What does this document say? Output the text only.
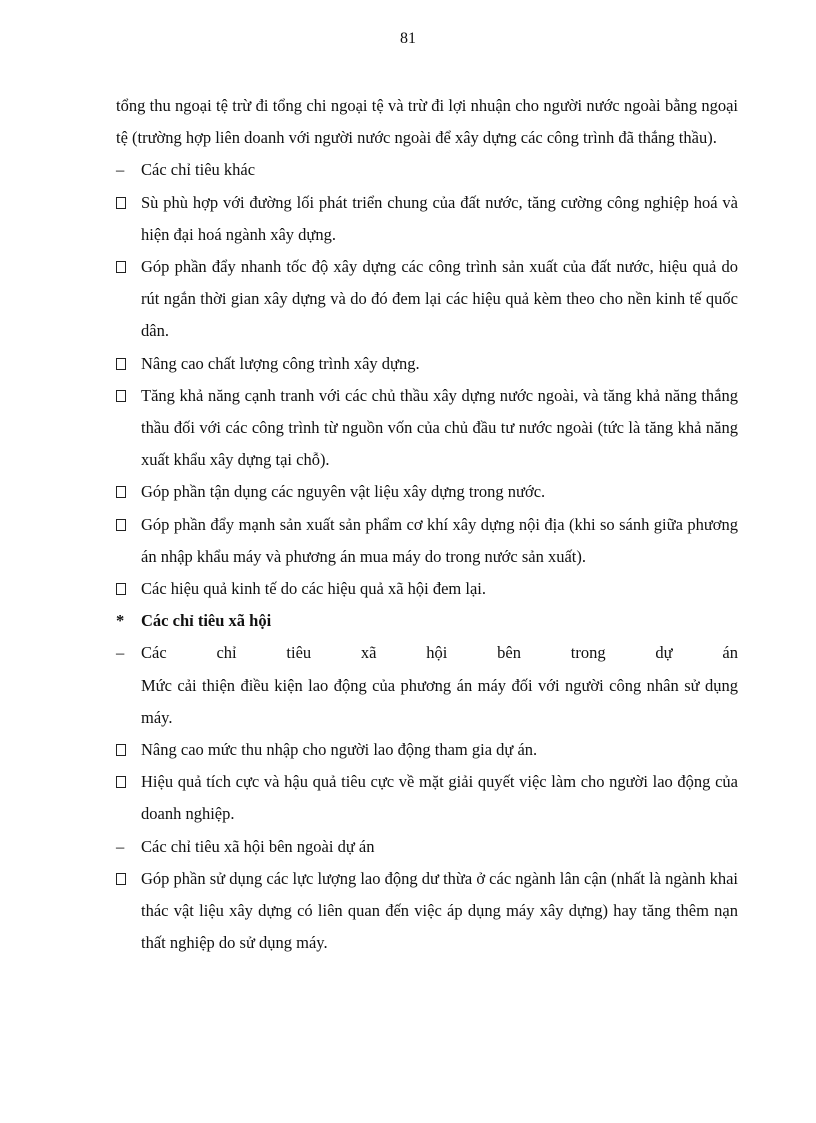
81

tổng thu ngoại tệ trừ đi tổng chi ngoại tệ và trừ đi lợi nhuận cho người nước ngoài bằng ngoại tệ (trường hợp liên doanh với người nước ngoài để xây dựng các công trình đã thắng thầu).

–	Các chỉ tiêu khác

Sù phù hợp với đường lối phát triển chung của đất nước, tăng cường công nghiệp hoá và hiện đại hoá ngành xây dựng.

Góp phần đẩy nhanh tốc độ xây dựng các công trình sản xuất của đất nước, hiệu quả do rút ngắn thời gian xây dựng và do đó đem lại các hiệu quả kèm theo cho nền kinh tế quốc dân.

Nâng cao chất lượng công trình xây dựng.

Tăng khả năng cạnh tranh với các chủ thầu xây dựng nước ngoài, và tăng khả năng thắng thầu đối với các công trình từ nguồn vốn của chủ đầu tư nước ngoài (tức là tăng khả năng xuất khẩu xây dựng tại chỗ).

Góp phần tận dụng các nguyên vật liệu xây dựng trong nước.

Góp phần đẩy mạnh sản xuất sản phẩm cơ khí xây dựng nội địa (khi so sánh giữa phương án nhập khẩu máy và phương án mua máy do trong nước sản xuất).

Các hiệu quả kinh tế do các hiệu quả xã hội đem lại.

*	Các chỉ tiêu xã hội

–	Các chỉ tiêu xã hội bên trong dự án

Mức cải thiện điều kiện lao động của phương án máy đối với người công nhân sử dụng máy.

Nâng cao mức thu nhập cho người lao động tham gia dự án.

Hiệu quả tích cực và hậu quả tiêu cực về mặt giải quyết việc làm cho người lao động của doanh nghiệp.

–	Các chỉ tiêu xã hội bên ngoài dự án

Góp phần sử dụng các lực lượng lao động dư thừa ở các ngành lân cận (nhất là ngành khai thác vật liệu xây dựng có liên quan đến việc áp dụng máy xây dựng) hay tăng thêm nạn thất nghiệp do sử dụng máy.
